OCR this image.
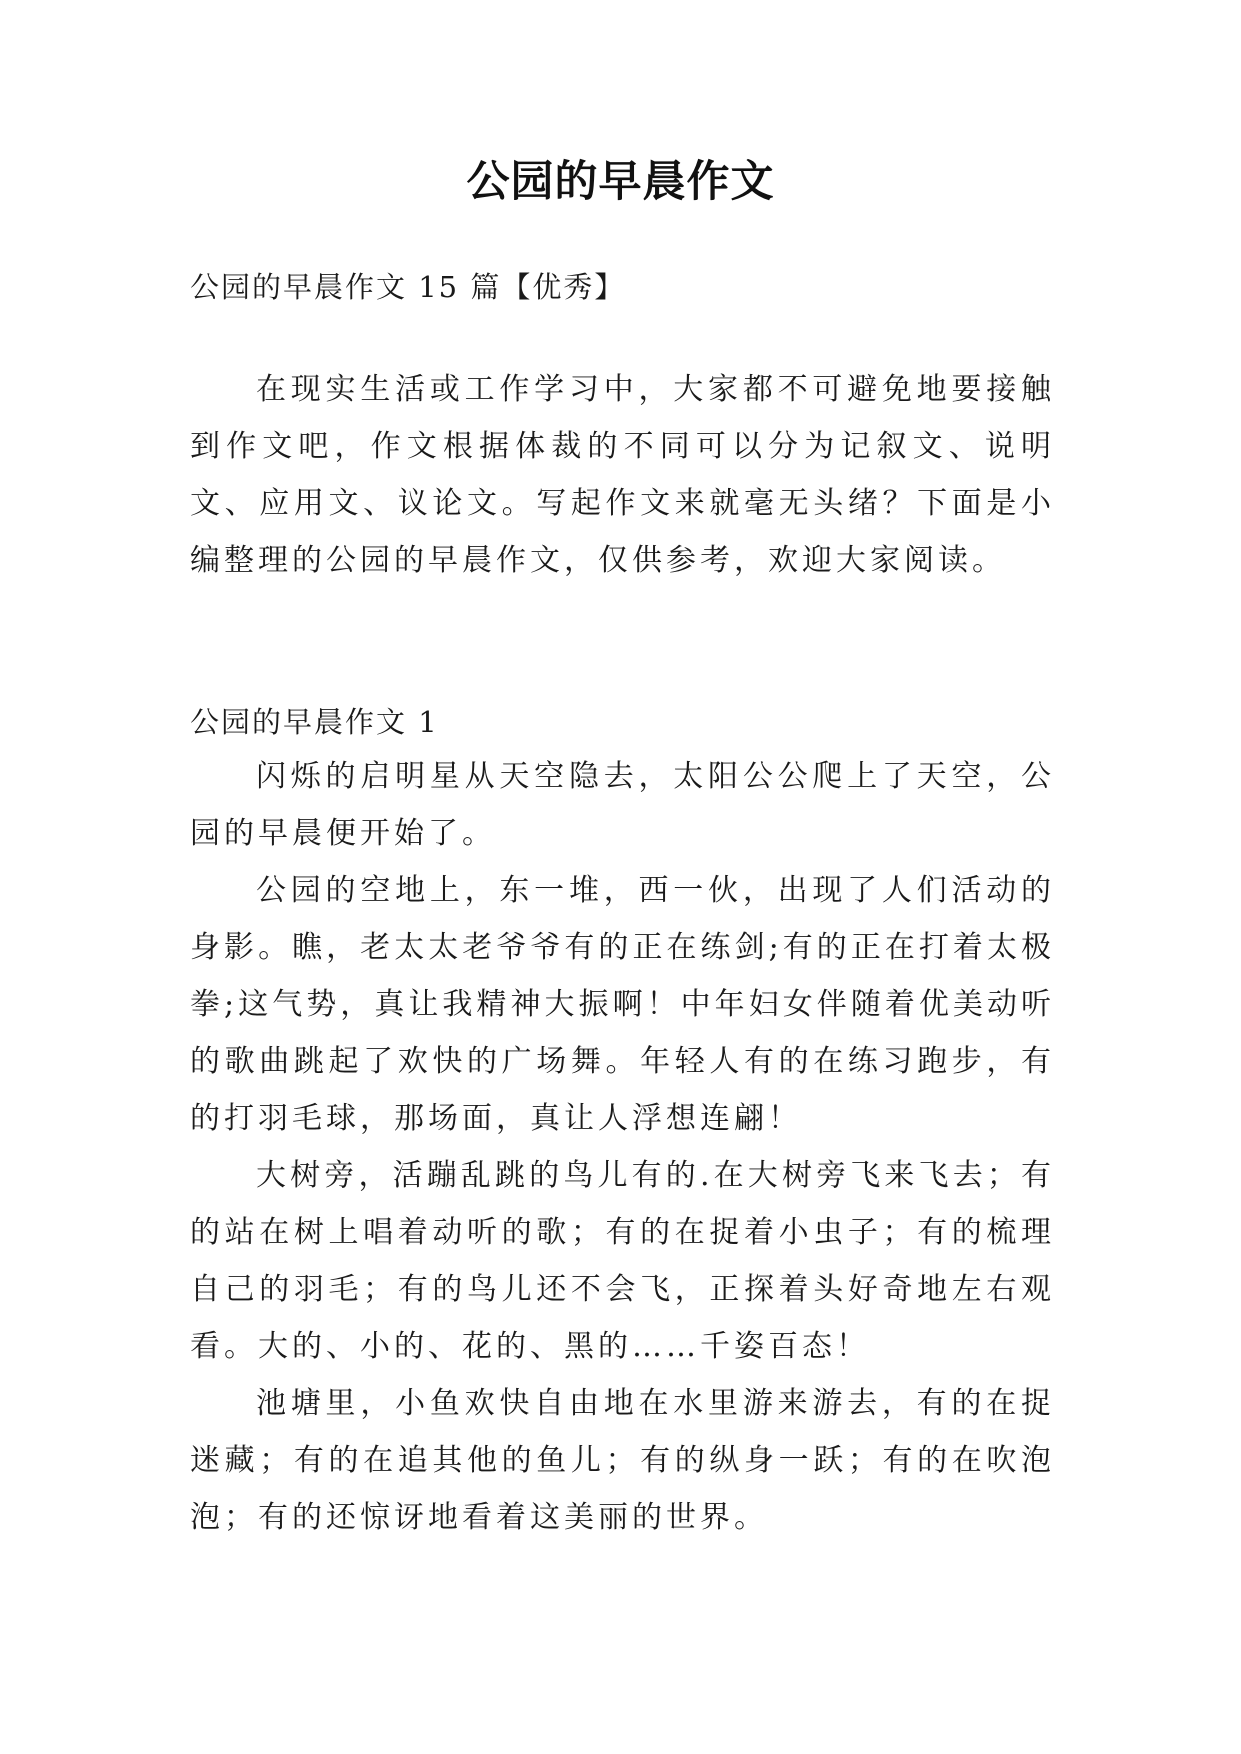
公园的早晨作文

公园的早晨作文 15 篇【优秀】

在现实生活或工作学习中，大家都不可避免地要接触到作文吧，作文根据体裁的不同可以分为记叙文、说明文、应用文、议论文。写起作文来就毫无头绪？下面是小编整理的公园的早晨作文，仅供参考，欢迎大家阅读。

公园的早晨作文 1

闪烁的启明星从天空隐去，太阳公公爬上了天空，公园的早晨便开始了。

公园的空地上，东一堆，西一伙，出现了人们活动的身影。瞧，老太太老爷爷有的正在练剑;有的正在打着太极拳;这气势，真让我精神大振啊！中年妇女伴随着优美动听的歌曲跳起了欢快的广场舞。年轻人有的在练习跑步，有的打羽毛球，那场面，真让人浮想连翩！

大树旁，活蹦乱跳的鸟儿有的.在大树旁飞来飞去；有的站在树上唱着动听的歌；有的在捉着小虫子；有的梳理自己的羽毛；有的鸟儿还不会飞，正探着头好奇地左右观看。大的、小的、花的、黑的……千姿百态！

池塘里，小鱼欢快自由地在水里游来游去，有的在捉迷藏；有的在追其他的鱼儿；有的纵身一跃；有的在吹泡泡；有的还惊讶地看着这美丽的世界。
